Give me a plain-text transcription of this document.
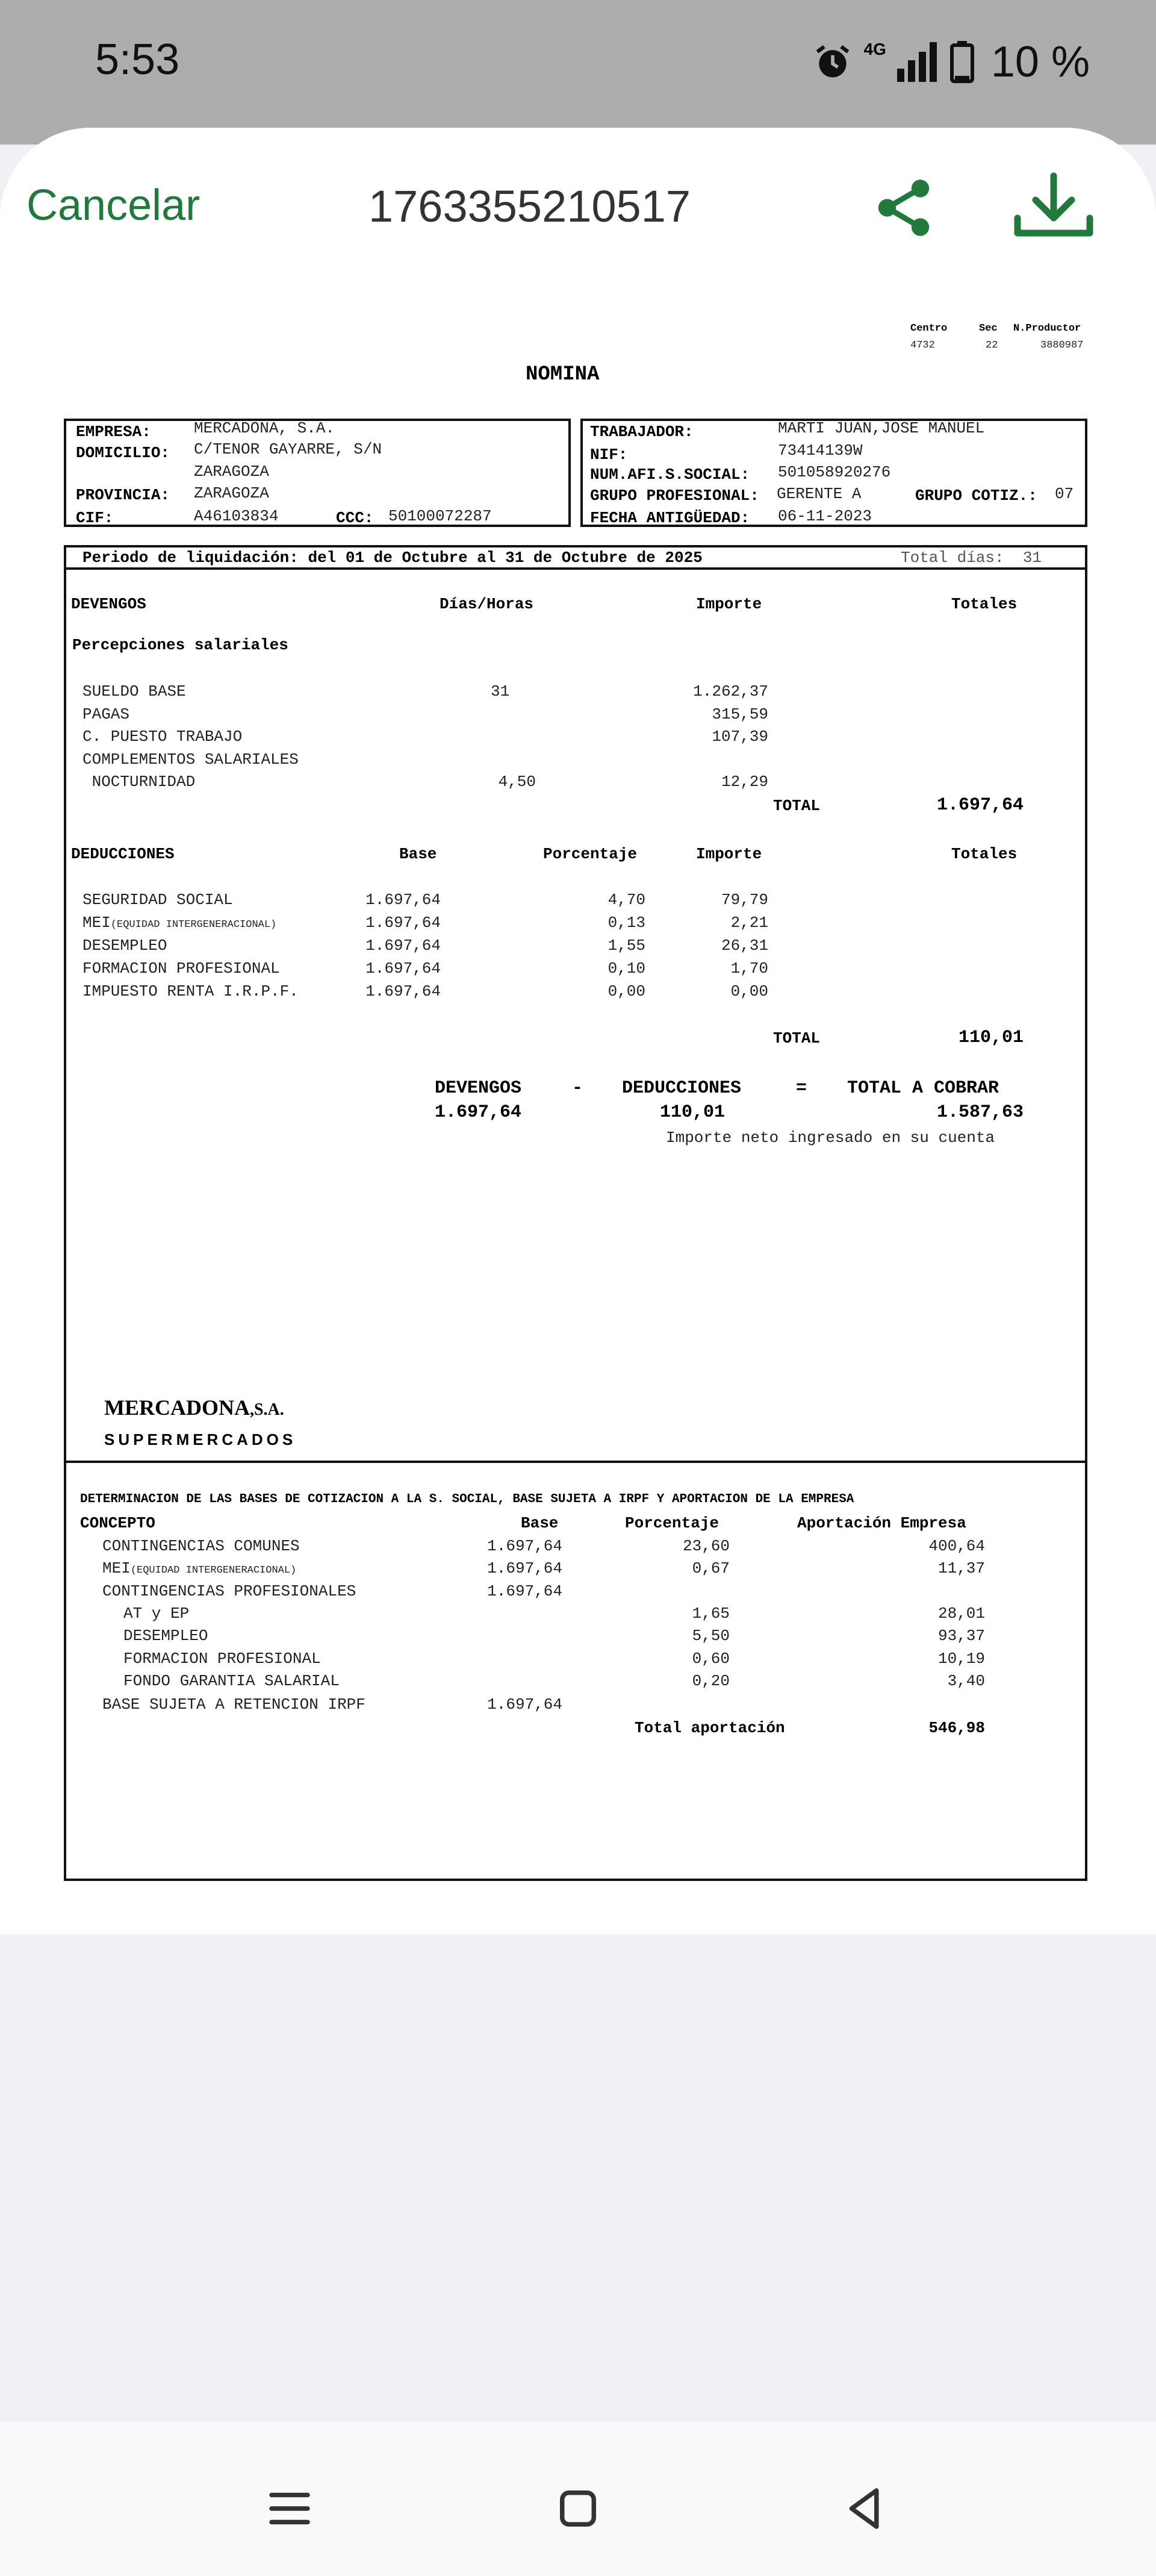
5:53	4G 10 %
Cancelar	1763355210517
Centro
4732
Sec
22
N.Productor
3880987
NOMINA
EMPRESA:	MERCADONA, S.A.
DOMICILIO: C/TENOR GAYARRE, S/N
ZARAGOZA
PROVINCIA: ZARAGOZA
CIF:	A46103834	CCC: 50100072287
TRABAJADOR:	MARTI JUAN,JOSE MANUEL
NIF:	73414139W
NUM.AFI.S.SOCIAL: 501058920276
GRUPO PROFESIONAL: GERENTE A	GRUPO COTIZ.: 07
FECHA ANTIGÜEDAD: 06-11-2023
Periodo de liquidación: del 01 de Octubre al 31 de Octubre de 2025	Total días:  31
DEVENGOS	Días/Horas	Importe	Totales
Percepciones salariales
SUELDO BASE	31	1.262,37
PAGAS	315,59
C. PUESTO TRABAJO	107,39
COMPLEMENTOS SALARIALES
NOCTURNIDAD	4,50	12,29
TOTAL	1.697,64
DEDUCCIONES	Base	Porcentaje	Importe	Totales
SEGURIDAD SOCIAL	1.697,64	4,70	79,79
MEI(EQUIDAD INTERGENERACIONAL)	1.697,64	0,13	2,21
DESEMPLEO	1.697,64	1,55	26,31
FORMACION PROFESIONAL	1.697,64	0,10	1,70
IMPUESTO RENTA I.R.P.F.	1.697,64	0,00	0,00
TOTAL	110,01
DEVENGOS	- DEDUCCIONES	= TOTAL A COBRAR
1.697,64	110,01	1.587,63
Importe neto ingresado en su cuenta
MERCADONA,S.A.
SUPERMERCADOS
DETERMINACION DE LAS BASES DE COTIZACION A LA S. SOCIAL, BASE SUJETA A IRPF Y APORTACION DE LA EMPRESA
CONCEPTO	Base	Porcentaje	Aportación Empresa
CONTINGENCIAS COMUNES	1.697,64	23,60	400,64
MEI(EQUIDAD INTERGENERACIONAL)	1.697,64	0,67	11,37
CONTINGENCIAS PROFESIONALES	1.697,64
AT y EP	1,65	28,01
DESEMPLEO	5,50	93,37
FORMACION PROFESIONAL	0,60	10,19
FONDO GARANTIA SALARIAL	0,20	3,40
BASE SUJETA A RETENCION IRPF	1.697,64
Total aportación	546,98
